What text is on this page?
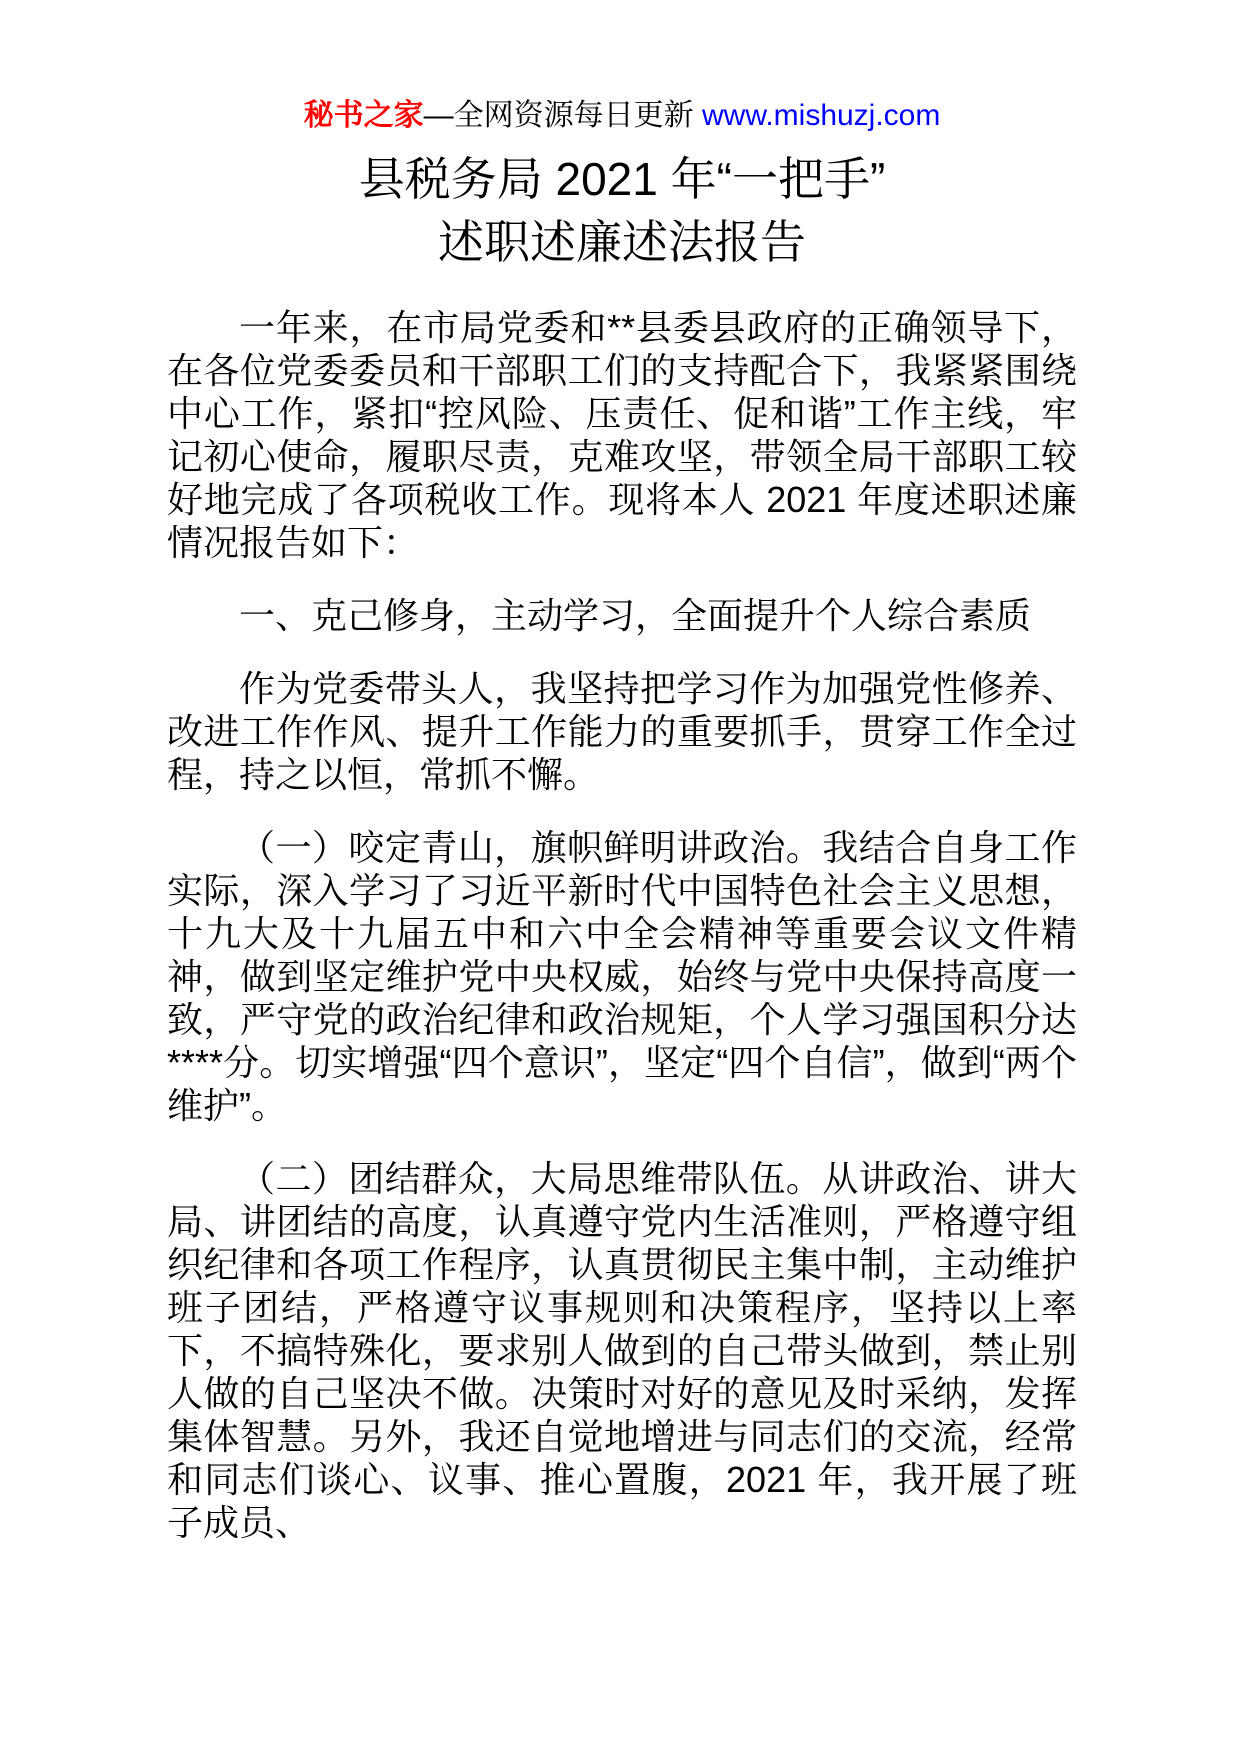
秘书之家—全网资源每日更新 www.mishuzj.com
县税务局 2021 年“一把手”
述职述廉述法报告

一年来，在市局党委和**县委县政府的正确领导下，在各位党委委员和干部职工们的支持配合下，我紧紧围绕中心工作，紧扣“控风险、压责任、促和谐”工作主线，牢记初心使命，履职尽责，克难攻坚，带领全局干部职工较好地完成了各项税收工作。现将本人 2021 年度述职述廉情况报告如下：

一、克己修身，主动学习，全面提升个人综合素质

作为党委带头人，我坚持把学习作为加强党性修养、改进工作作风、提升工作能力的重要抓手，贯穿工作全过程，持之以恒，常抓不懈。

（一）咬定青山，旗帜鲜明讲政治。我结合自身工作实际，深入学习了习近平新时代中国特色社会主义思想，十九大及十九届五中和六中全会精神等重要会议文件精神，做到坚定维护党中央权威，始终与党中央保持高度一致，严守党的政治纪律和政治规矩，个人学习强国积分达****分。切实增强“四个意识”，坚定“四个自信”，做到“两个维护”。

（二）团结群众，大局思维带队伍。从讲政治、讲大局、讲团结的高度，认真遵守党内生活准则，严格遵守组织纪律和各项工作程序，认真贯彻民主集中制，主动维护班子团结，严格遵守议事规则和决策程序，坚持以上率下，不搞特殊化，要求别人做到的自己带头做到，禁止别人做的自己坚决不做。决策时对好的意见及时采纳，发挥集体智慧。另外，我还自觉地增进与同志们的交流，经常和同志们谈心、议事、推心置腹，2021 年，我开展了班子成员、
